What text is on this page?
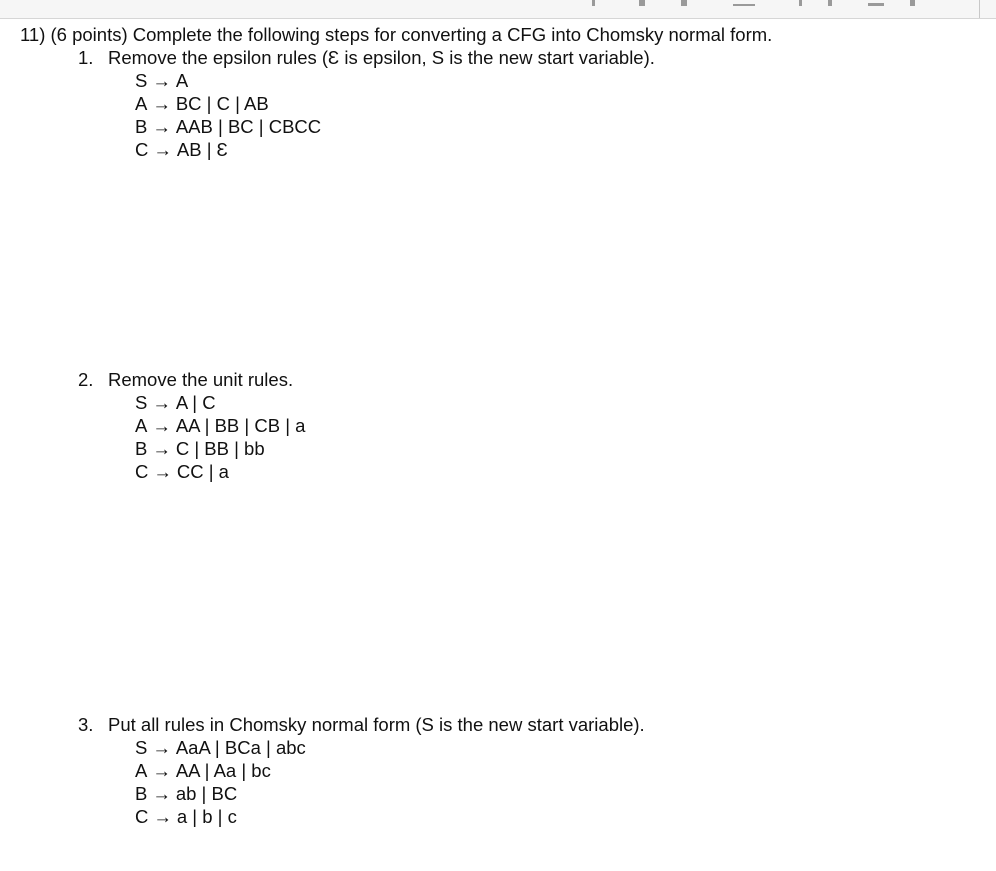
11) (6 points) Complete the following steps for converting a CFG into Chomsky normal form.
1. Remove the epsilon rules (Ɛ is epsilon, S is the new start variable).
S → A
A → BC | C | AB
B → AAB | BC | CBCC
C → AB | Ɛ
2. Remove the unit rules.
S → A | C
A → AA | BB | CB | a
B → C | BB | bb
C → CC | a
3. Put all rules in Chomsky normal form (S is the new start variable).
S → AaA | BCa | abc
A → AA | Aa | bc
B → ab | BC
C → a | b | c
